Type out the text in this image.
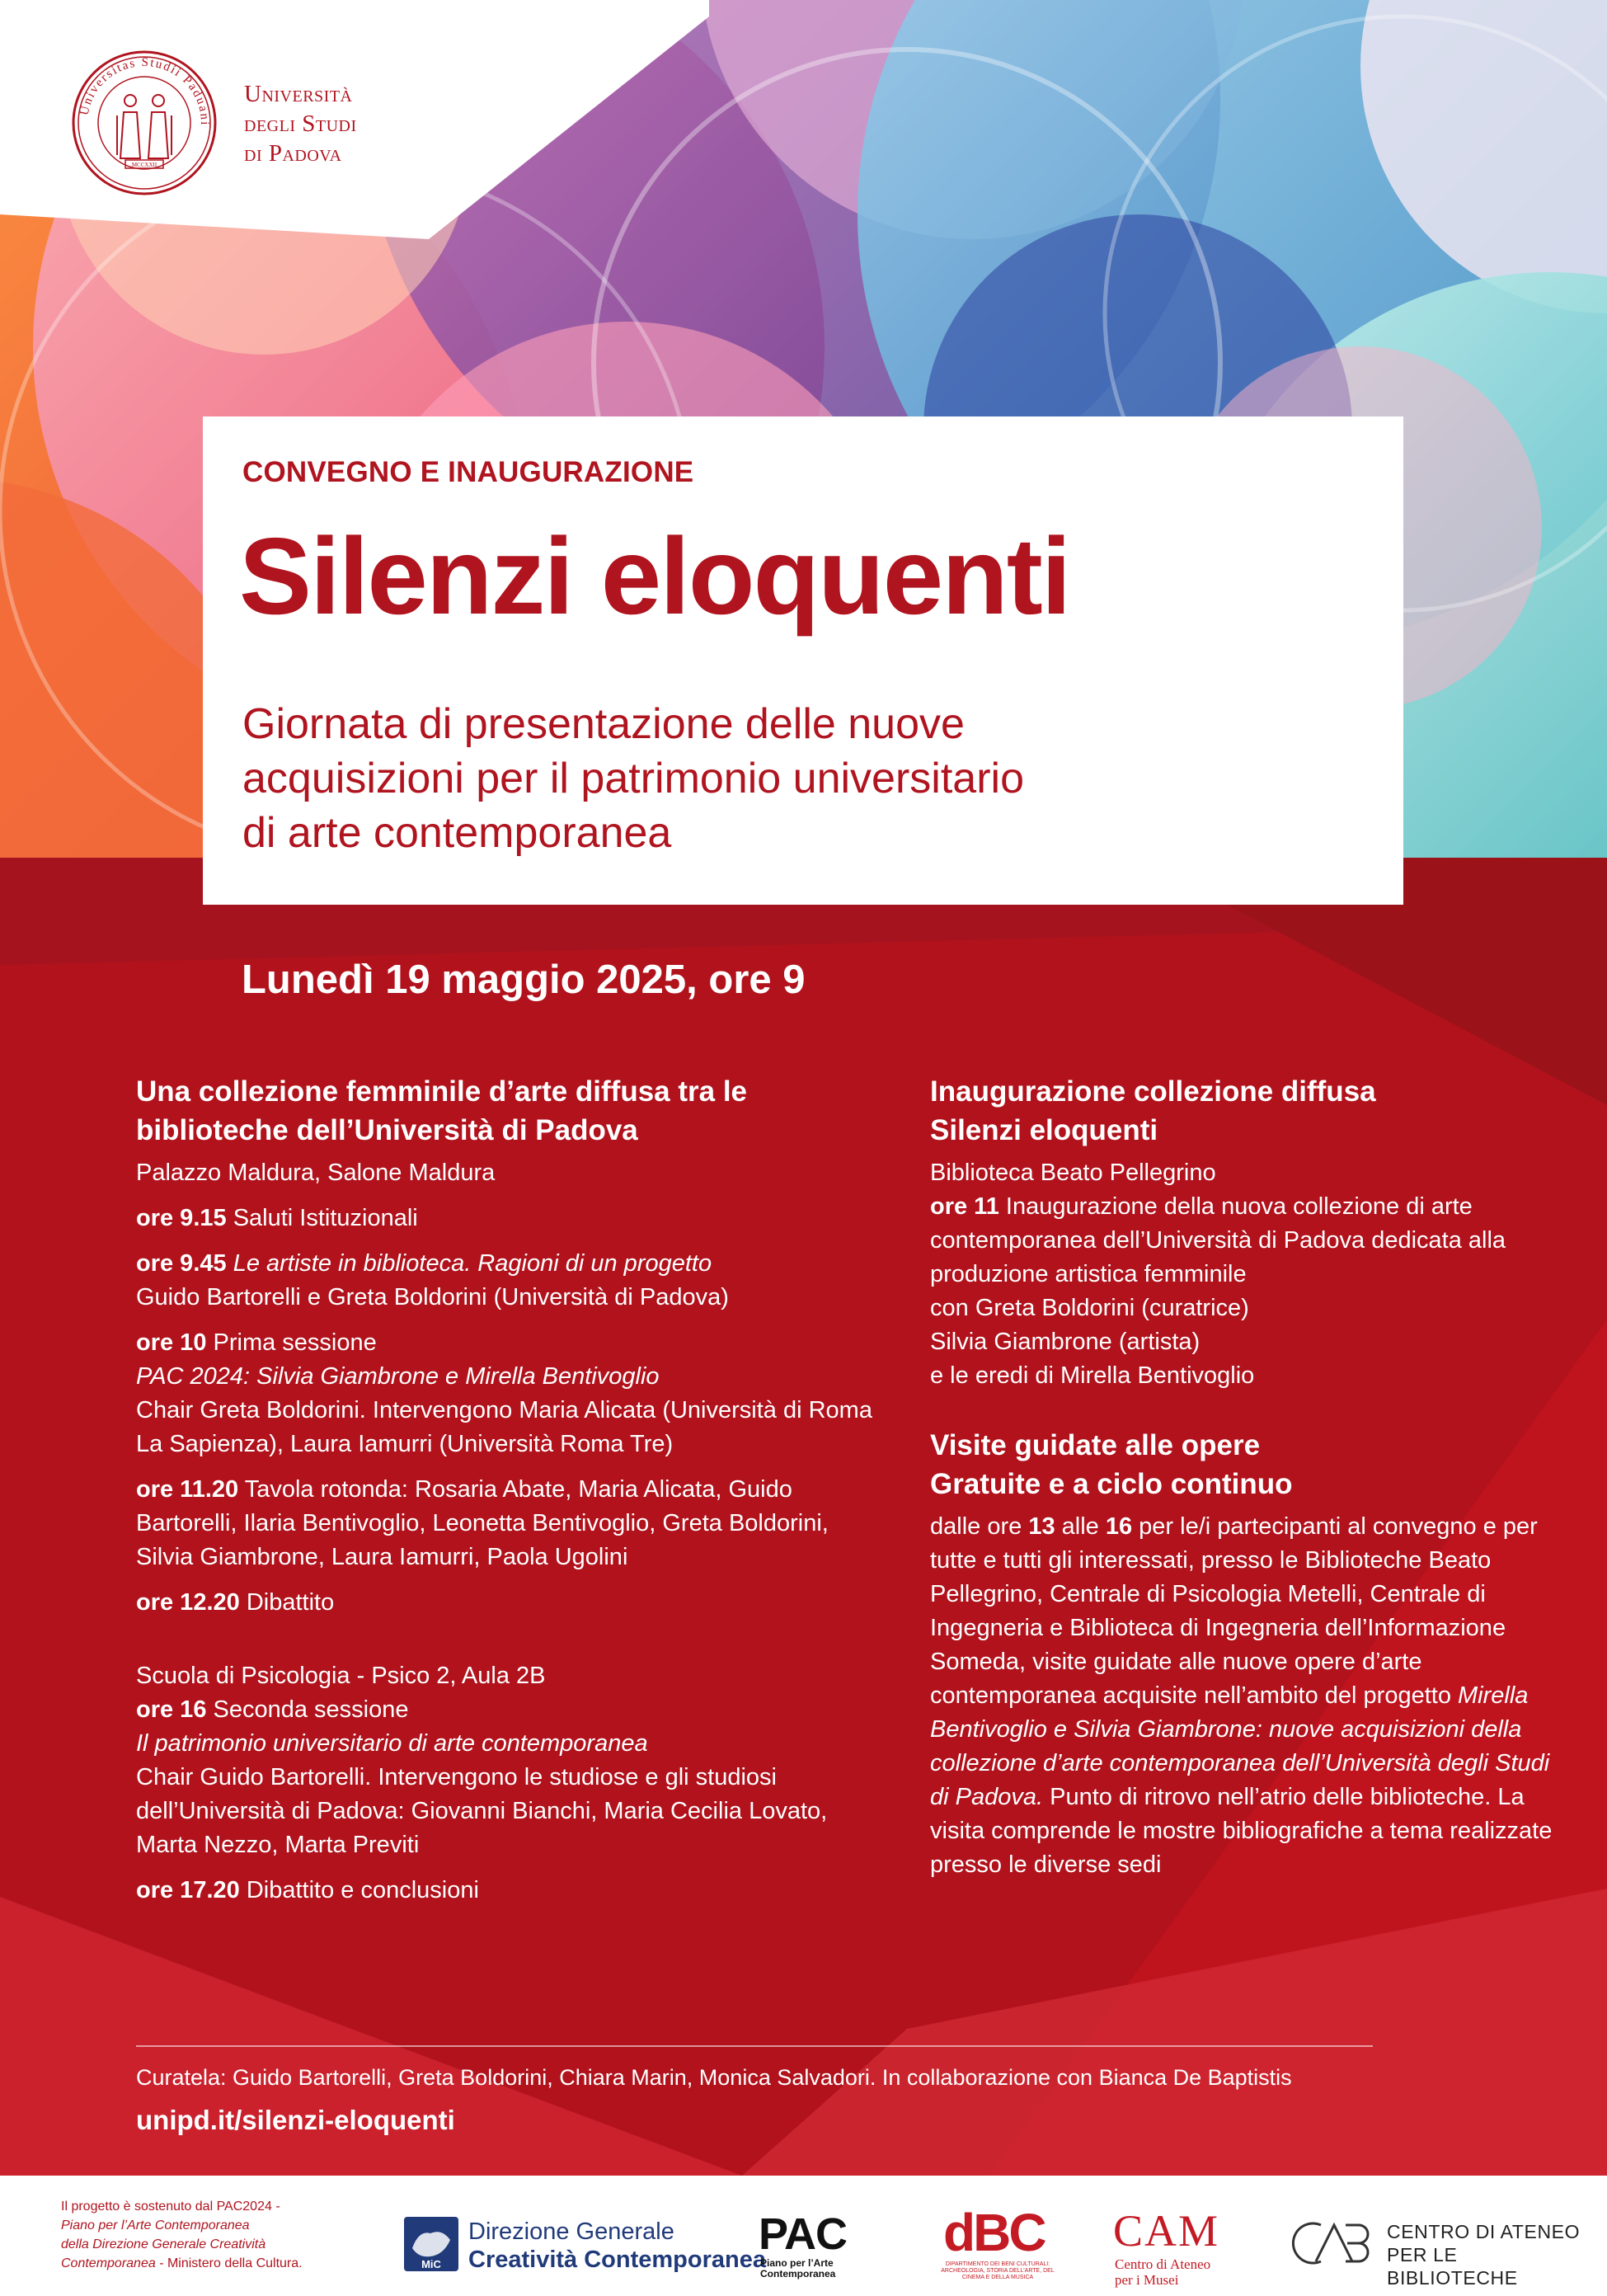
MCCXXII
Universitas Studii Paduani
Università
degli Studi
di Padova
CONVEGNO E INAUGURAZIONE
Silenzi eloquenti
Giornata di presentazione delle nuove
acquisizioni per il patrimonio universitario
di arte contemporanea
Lunedì 19 maggio 2025, ore 9
Una collezione femminile d’arte diffusa tra le
biblioteche dell’Università di Padova

Palazzo Maldura, Salone Maldura

ore 9.15 Saluti Istituzionali

ore 9.45 Le artiste in biblioteca. Ragioni di un progetto
Guido Bartorelli e Greta Boldorini (Università di Padova)

ore 10 Prima sessione
PAC 2024: Silvia Giambrone e Mirella Bentivoglio
Chair Greta Boldorini. Intervengono Maria Alicata (Università di Roma La Sapienza), Laura Iamurri (Università Roma Tre)

ore 11.20 Tavola rotonda: Rosaria Abate, Maria Alicata, Guido Bartorelli, Ilaria Bentivoglio, Leonetta Bentivoglio, Greta Boldorini, Silvia Giambrone, Laura Iamurri, Paola Ugolini

ore 12.20 Dibattito

Scuola di Psicologia - Psico 2, Aula 2B

ore 16 Seconda sessione
Il patrimonio universitario di arte contemporanea
Chair Guido Bartorelli. Intervengono le studiose e gli studiosi dell’Università di Padova: Giovanni Bianchi, Maria Cecilia Lovato, Marta Nezzo, Marta Previti

ore 17.20 Dibattito e conclusioni

Inaugurazione collezione diffusa
Silenzi eloquenti

Biblioteca Beato Pellegrino

ore 11 Inaugurazione della nuova collezione di arte contemporanea dell’Università di Padova dedicata alla produzione artistica femminile

con Greta Boldorini (curatrice)

Silvia Giambrone (artista)

e le eredi di Mirella Bentivoglio

Visite guidate alle opere
Gratuite e a ciclo continuo

dalle ore 13 alle 16 per le/i partecipanti al convegno e per tutte e tutti gli interessati, presso le Biblioteche Beato Pellegrino, Centrale di Psicologia Metelli, Centrale di Ingegneria e Biblioteca di Ingegneria dell’Informazione Someda, visite guidate alle nuove opere d’arte contemporanea acquisite nell’ambito del progetto Mirella Bentivoglio e Silvia Giambrone: nuove acquisizioni della collezione d’arte contemporanea dell’Università degli Studi di Padova. Punto di ritrovo nell’atrio delle biblioteche. La visita comprende le mostre bibliografiche a tema realizzate presso le diverse sedi

Curatela: Guido Bartorelli, Greta Boldorini, Chiara Marin, Monica Salvadori. In collaborazione con Bianca De Baptistis
unipd.it/silenzi-eloquenti
Il progetto è sostenuto dal PAC2024 -
Piano per l’Arte Contemporanea
della Direzione Generale Creatività
Contemporanea - Ministero della Cultura.	MiC
Direzione Generale
Creatività Contemporanea
PAC
Piano per l’Arte
Contemporanea
dBC
DIPARTIMENTO DEI BENI CULTURALI: ARCHEOLOGIA, STORIA DELL’ARTE, DEL CINEMA E DELLA MUSICA
CAM
Centro di Ateneo
per i Musei
CENTRO DI ATENEO
PER LE BIBLIOTECHE
